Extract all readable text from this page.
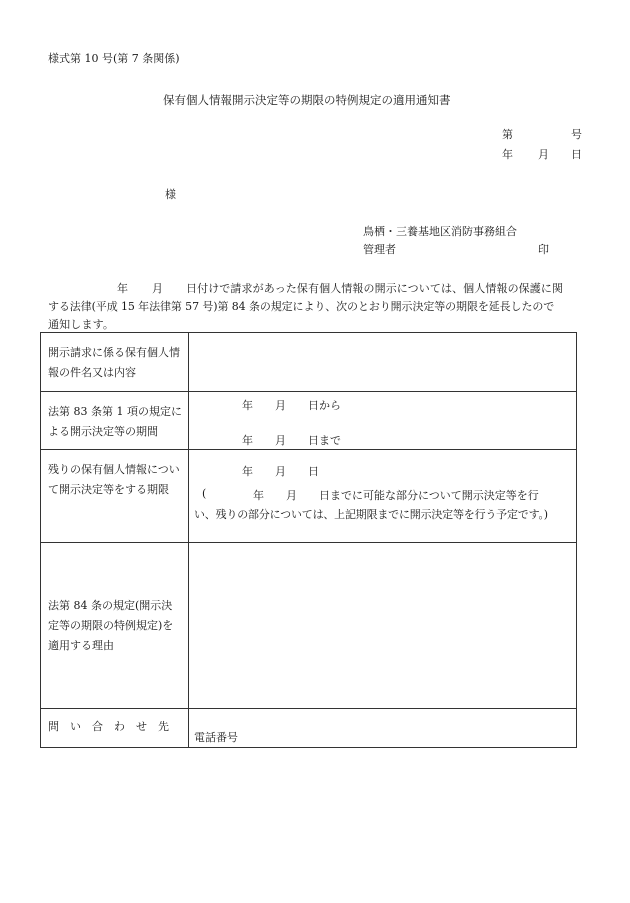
様式第 10 号(第 7 条関係)
保有個人情報開示決定等の期限の特例規定の適用通知書
第	号
年 月 日
様
鳥栖・三養基地区消防事務組合
管理者	印
年 月 日付けで請求があった保有個人情報の開示については、個人情報の保護に関
する法律(平成 15 年法律第 57 号)第 84 条の規定により、次のとおり開示決定等の期限を延長したので
通知します。
開示請求に係る保有個人情報の件名又は内容	

法第 83 条第 1 項の規定による開示決定等の期間	年　　月　　日から
年　　月　　日まで

残りの保有個人情報について開示決定等をする期限	年　　月　　日
( 年　　月　　日までに可能な部分について開示決定等を行
い、残りの部分については、上記期限までに開示決定等を行う予定です。)

法第 84 条の規定(開示決定等の期限の特例規定)を適用する理由	

問　い　合　わ　せ　先	電話番号
